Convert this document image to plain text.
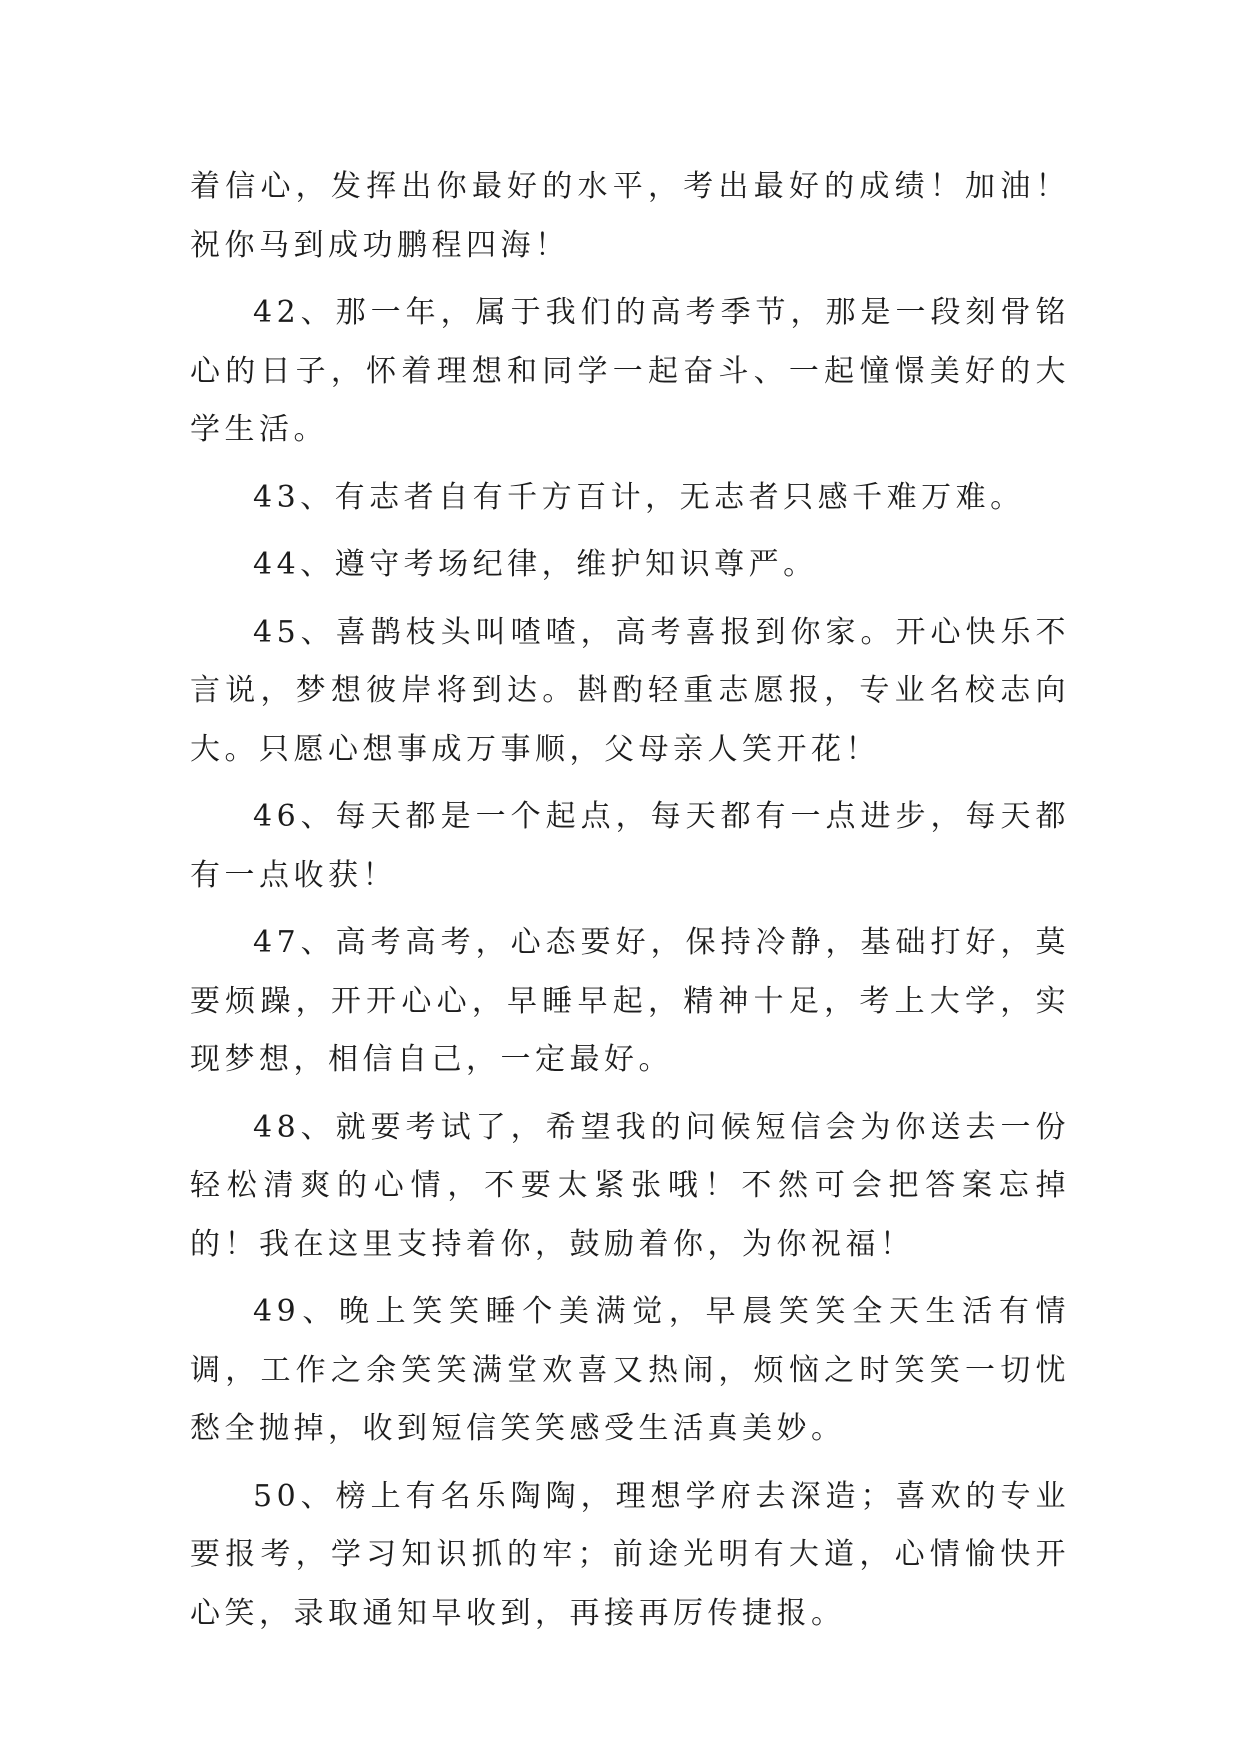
着信心，发挥出你最好的水平，考出最好的成绩！加油！祝你马到成功鹏程四海！

42、那一年，属于我们的高考季节，那是一段刻骨铭心的日子，怀着理想和同学一起奋斗、一起憧憬美好的大学生活。

43、有志者自有千方百计，无志者只感千难万难。

44、遵守考场纪律，维护知识尊严。

45、喜鹊枝头叫喳喳，高考喜报到你家。开心快乐不言说，梦想彼岸将到达。斟酌轻重志愿报，专业名校志向大。只愿心想事成万事顺，父母亲人笑开花！

46、每天都是一个起点，每天都有一点进步，每天都有一点收获！

47、高考高考，心态要好，保持冷静，基础打好，莫要烦躁，开开心心，早睡早起，精神十足，考上大学，实现梦想，相信自己，一定最好。

48、就要考试了，希望我的问候短信会为你送去一份轻松清爽的心情，不要太紧张哦！不然可会把答案忘掉的！我在这里支持着你，鼓励着你，为你祝福！

49、晚上笑笑睡个美满觉，早晨笑笑全天生活有情调，工作之余笑笑满堂欢喜又热闹，烦恼之时笑笑一切忧愁全抛掉，收到短信笑笑感受生活真美妙。

50、榜上有名乐陶陶，理想学府去深造；喜欢的专业要报考，学习知识抓的牢；前途光明有大道，心情愉快开心笑，录取通知早收到，再接再厉传捷报。
